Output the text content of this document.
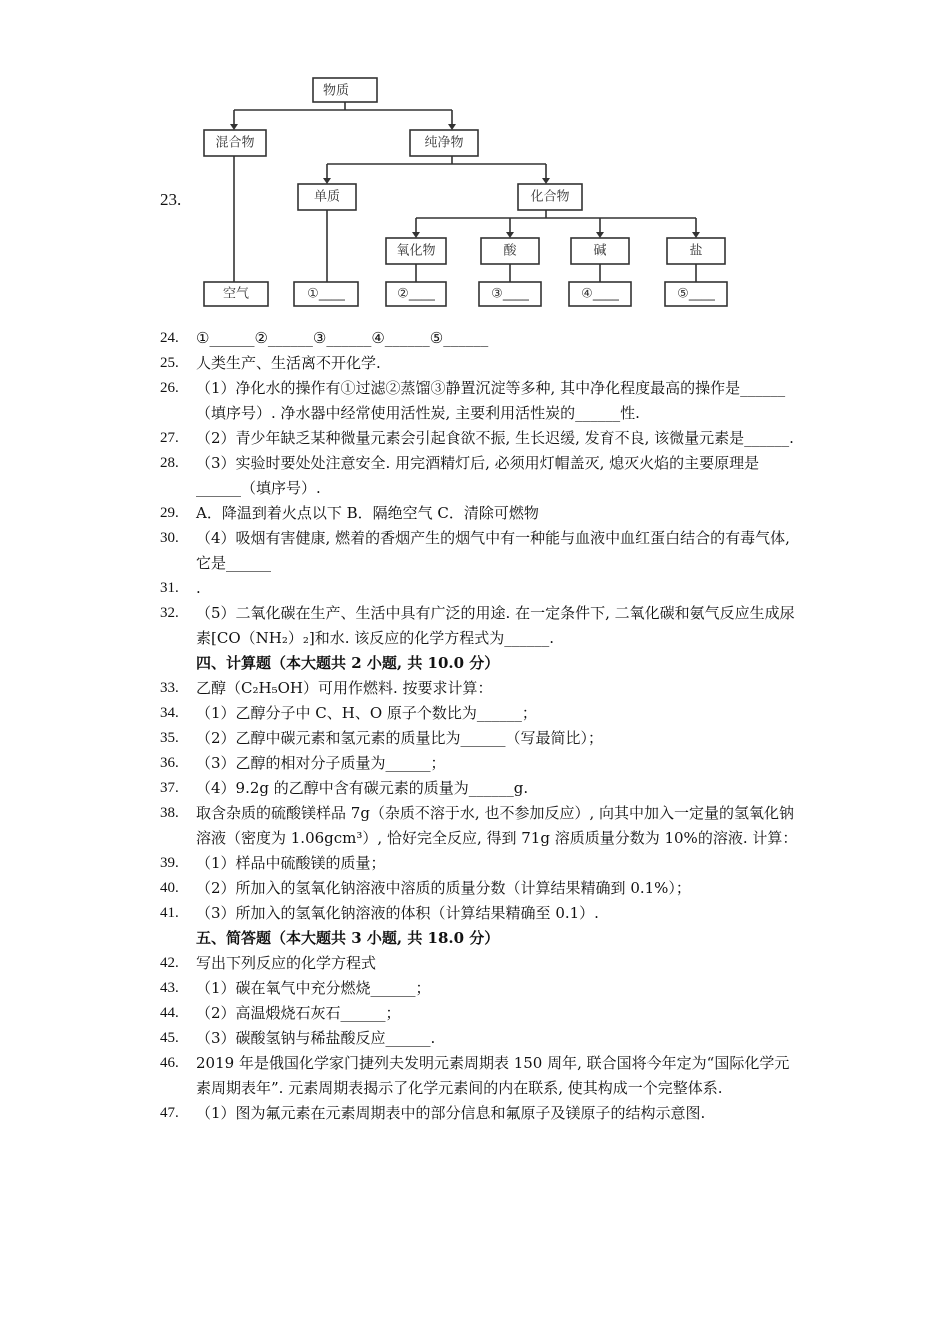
23.
物质
混合物	纯净物
单质	化合物
氧化物	酸	碱	盐
空气	①____	②____	③____	④____	⑤____
24.	①______②______③______④______⑤______
25.	人类生产、生活离不开化学.
26.	（1）净化水的操作有①过滤②蒸馏③静置沉淀等多种, 其中净化程度最高的操作是______（填序号）. 净水器中经常使用活性炭, 主要利用活性炭的______性.
27.	（2）青少年缺乏某种微量元素会引起食欲不振, 生长迟缓, 发育不良, 该微量元素是______.
28.	（3）实验时要处处注意安全. 用完酒精灯后, 必须用灯帽盖灭, 熄灭火焰的主要原理是______（填序号）.
29.	A．降温到着火点以下 B．隔绝空气 C．清除可燃物
30.	（4）吸烟有害健康, 燃着的香烟产生的烟气中有一种能与血液中血红蛋白结合的有毒气体, 它是______
31.	.
32.	（5）二氧化碳在生产、生活中具有广泛的用途. 在一定条件下, 二氧化碳和氨气反应生成尿素[CO（NH₂）₂]和水. 该反应的化学方程式为______.
四、计算题（本大题共 2 小题, 共 10.0 分）
33.	乙醇（C₂H₅OH）可用作燃料. 按要求计算：
34.	（1）乙醇分子中 C、H、O 原子个数比为______；
35.	（2）乙醇中碳元素和氢元素的质量比为______（写最简比）；
36.	（3）乙醇的相对分子质量为______；
37.	（4）9.2g 的乙醇中含有碳元素的质量为______g.
38.	取含杂质的硫酸镁样品 7g（杂质不溶于水, 也不参加反应）, 向其中加入一定量的氢氧化钠溶液（密度为 1.06gcm³）, 恰好完全反应, 得到 71g 溶质质量分数为 10%的溶液. 计算：
39.	（1）样品中硫酸镁的质量；
40.	（2）所加入的氢氧化钠溶液中溶质的质量分数（计算结果精确到 0.1%）；
41.	（3）所加入的氢氧化钠溶液的体积（计算结果精确至 0.1）.
五、简答题（本大题共 3 小题, 共 18.0 分）
42.	写出下列反应的化学方程式
43.	（1）碳在氧气中充分燃烧______；
44.	（2）高温煅烧石灰石______；
45.	（3）碳酸氢钠与稀盐酸反应______.
46.	2019 年是俄国化学家门捷列夫发明元素周期表 150 周年, 联合国将今年定为“国际化学元素周期表年”. 元素周期表揭示了化学元素间的内在联系, 使其构成一个完整体系.
47.	（1）图为氟元素在元素周期表中的部分信息和氟原子及镁原子的结构示意图.
